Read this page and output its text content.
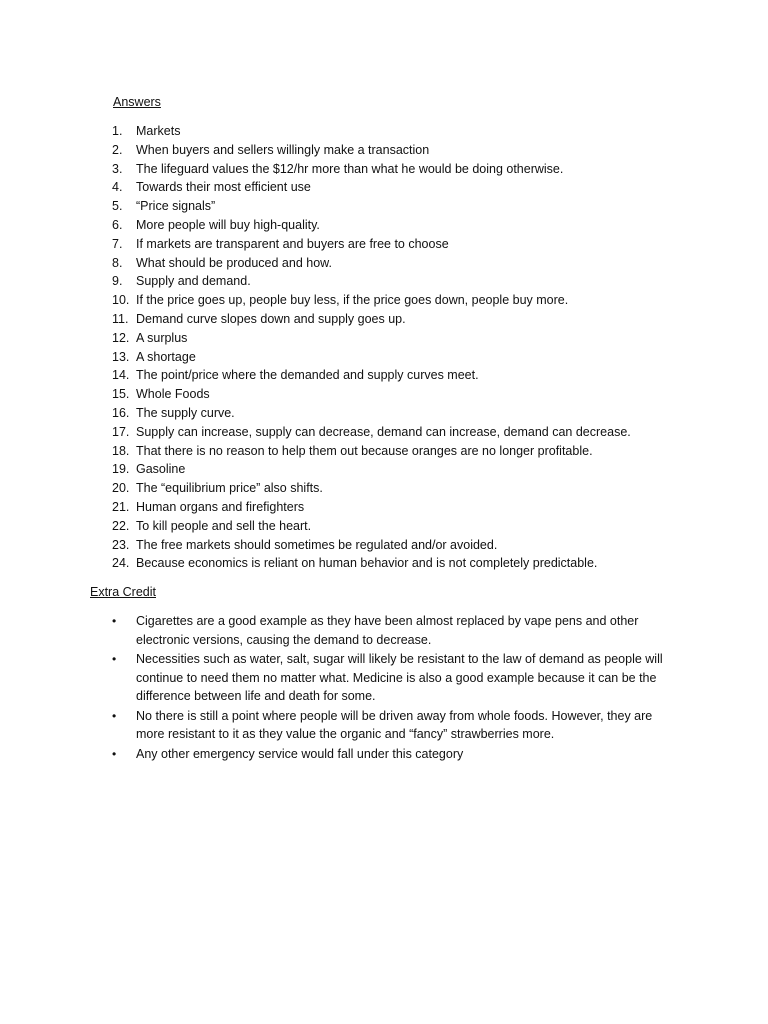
Answers
1.	Markets
2.	When buyers and sellers willingly make a transaction
3.	The lifeguard values the $12/hr more than what he would be doing otherwise.
4.	Towards their most efficient use
5.	“Price signals”
6.	More people will buy high-quality.
7.	If markets are transparent and buyers are free to choose
8.	What should be produced and how.
9.	Supply and demand.
10. If the price goes up, people buy less, if the price goes down, people buy more.
11. Demand curve slopes down and supply goes up.
12. A surplus
13. A shortage
14. The point/price where the demanded and supply curves meet.
15. Whole Foods
16. The supply curve.
17. Supply can increase, supply can decrease, demand can increase, demand can decrease.
18. That there is no reason to help them out because oranges are no longer profitable.
19. Gasoline
20. The “equilibrium price” also shifts.
21. Human organs and firefighters
22. To kill people and sell the heart.
23. The free markets should sometimes be regulated and/or avoided.
24. Because economics is reliant on human behavior and is not completely predictable.
Extra Credit
•	Cigarettes are a good example as they have been almost replaced by vape pens and other electronic versions, causing the demand to decrease.
•	Necessities such as water, salt, sugar will likely be resistant to the law of demand as people will continue to need them no matter what. Medicine is also a good example because it can be the difference between life and death for some.
•	No there is still a point where people will be driven away from whole foods. However, they are more resistant to it as they value the organic and “fancy” strawberries more.
•	Any other emergency service would fall under this category
